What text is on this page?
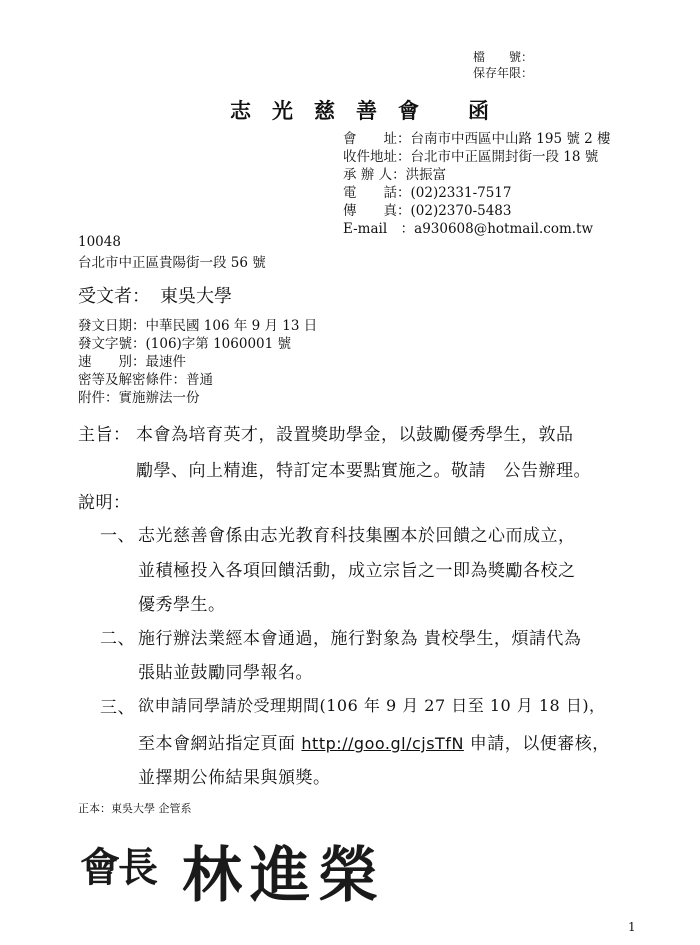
檔　　號：
保存年限：
志 光 慈 善 會 函
會　　址：台南市中西區中山路 195 號 2 樓
收件地址：台北市中正區開封街一段 18 號
承 辦 人：洪振富
電　　話：(02)2331-7517
傳　　真：(02)2370-5483
E-mail　：a930608@hotmail.com.tw
10048
台北市中正區貴陽街一段 56 號
受文者： 東吳大學
發文日期：中華民國 106 年 9 月 13 日
發文字號：(106)字第 1060001 號
速　　別：最速件
密等及解密條件：普通
附件：實施辦法一份
主旨： 本會為培育英才，設置獎助學金，以鼓勵優秀學生，敦品
勵學、向上精進，特訂定本要點實施之。敬請　公告辦理。
說明：
一、 志光慈善會係由志光教育科技集團本於回饋之心而成立，
並積極投入各項回饋活動，成立宗旨之一即為獎勵各校之
優秀學生。
二、 施行辦法業經本會通過，施行對象為 貴校學生，煩請代為
張貼並鼓勵同學報名。
三、 欲申請同學請於受理期間(106 年 9 月 27 日至 10 月 18 日)，
至本會網站指定頁面 http://goo.gl/cjsTfN 申請，以便審核，
並擇期公佈結果與頒獎。
正本：東吳大學 企管系
會長 林進榮
1
